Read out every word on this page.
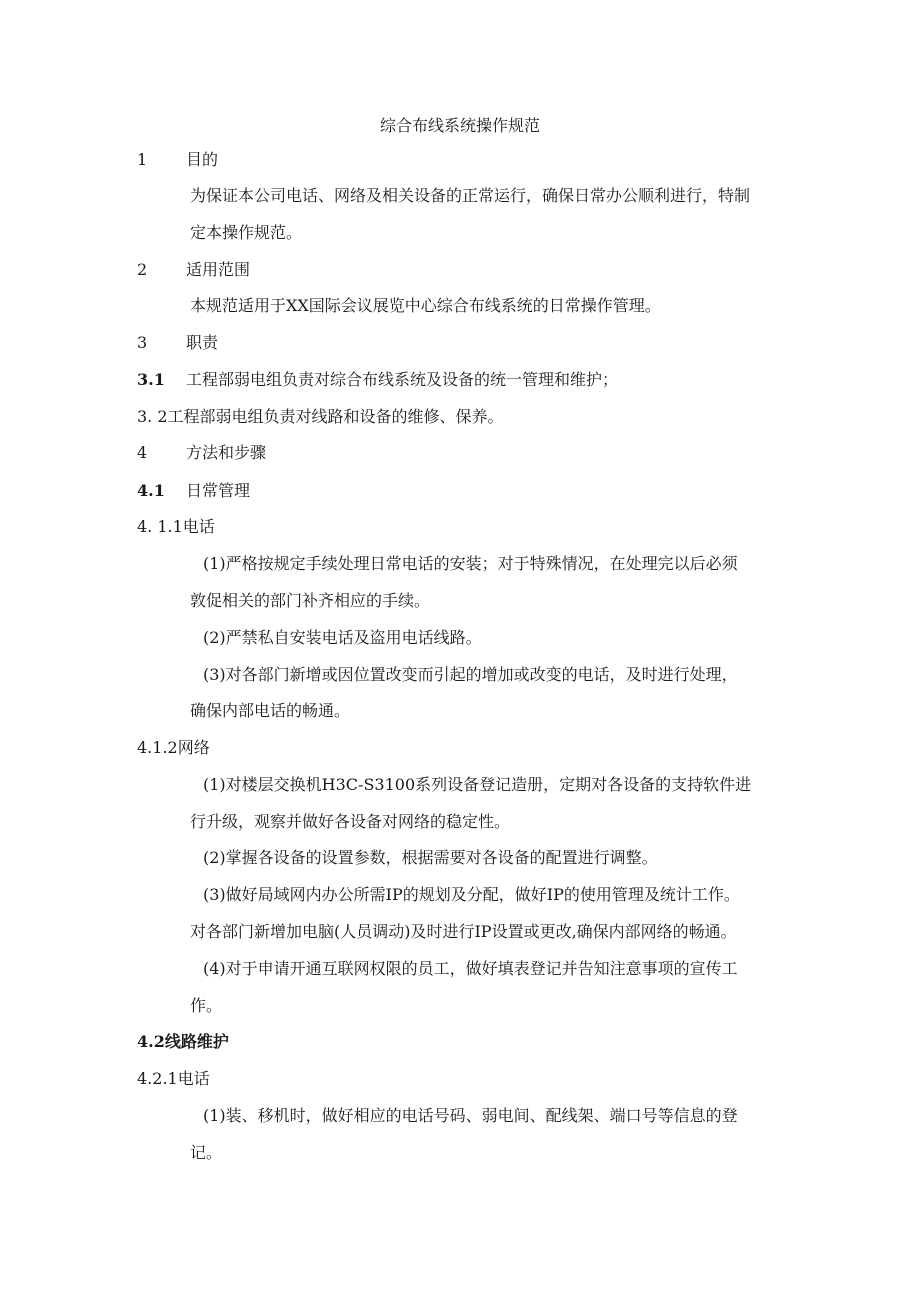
综合布线系统操作规范
1 目的
为保证本公司电话、网络及相关设备的正常运行，确保日常办公顺利进行，特制
定本操作规范。
2 适用范围
本规范适用于XX国际会议展览中心综合布线系统的日常操作管理。
3 职责
3.1 工程部弱电组负责对综合布线系统及设备的统一管理和维护；
3. 2工程部弱电组负责对线路和设备的维修、保养。
4 方法和步骤
4.1 日常管理
4. 1.1电话
(1)严格按规定手续处理日常电话的安装；对于特殊情况，在处理完以后必须
敦促相关的部门补齐相应的手续。
(2)严禁私自安装电话及盗用电话线路。
(3)对各部门新增或因位置改变而引起的增加或改变的电话，及时进行处理，
确保内部电话的畅通。
4.1.2网络
(1)对楼层交换机H3C-S3100系列设备登记造册，定期对各设备的支持软件进
行升级，观察并做好各设备对网络的稳定性。
(2)掌握各设备的设置参数，根据需要对各设备的配置进行调整。
(3)做好局域网内办公所需IP的规划及分配，做好IP的使用管理及统计工作。
对各部门新增加电脑(人员调动)及时进行IP设置或更改,确保内部网络的畅通。
(4)对于申请开通互联网权限的员工，做好填表登记并告知注意事项的宣传工
作。
4.2线路维护
4.2.1电话
(1)装、移机时，做好相应的电话号码、弱电间、配线架、端口号等信息的登
记。
